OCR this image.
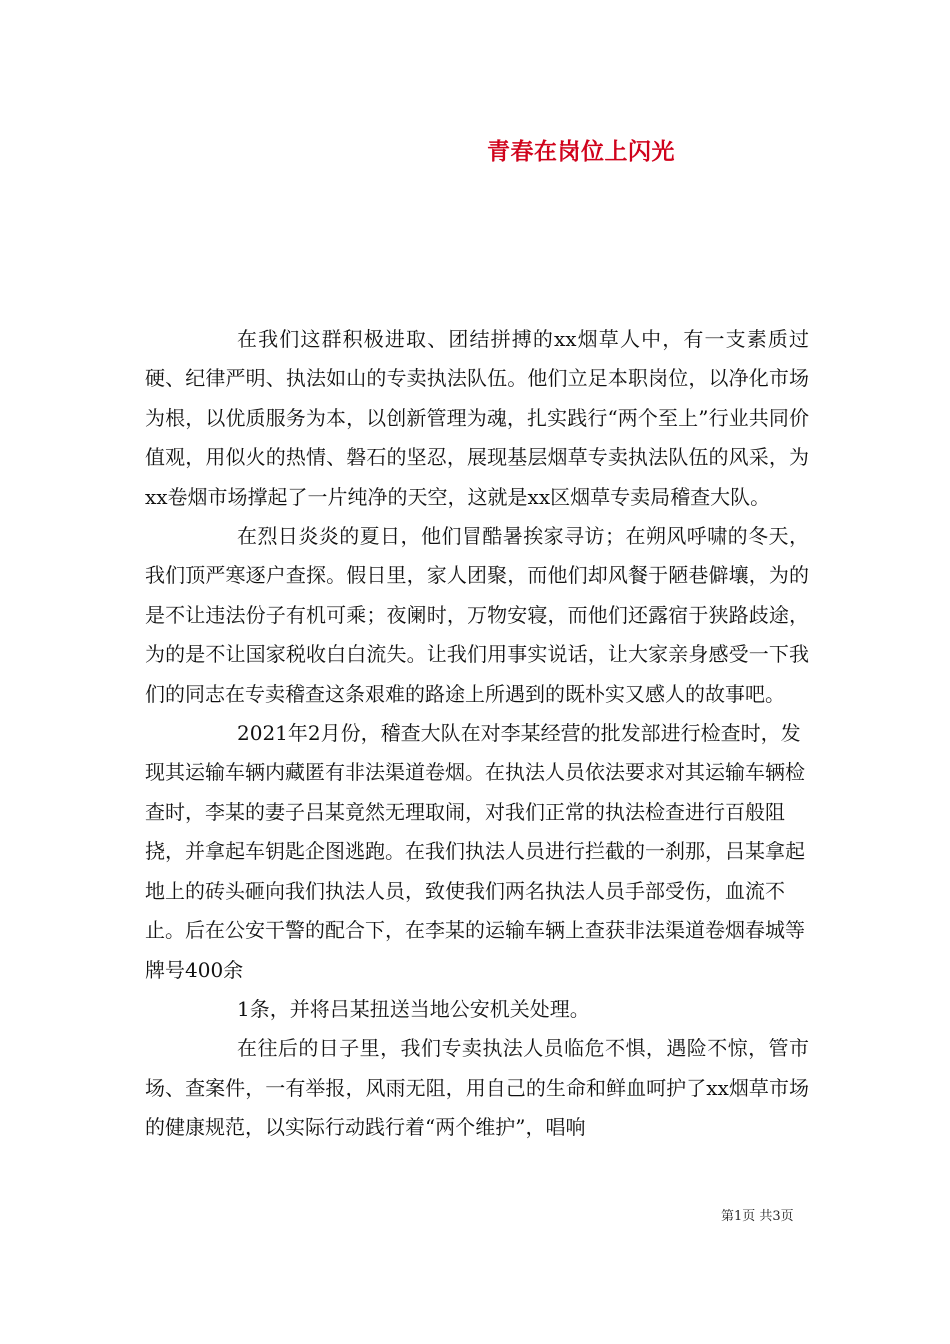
青春在岗位上闪光

在我们这群积极进取、团结拼搏的xx烟草人中，有一支素质过硬、纪律严明、执法如山的专卖执法队伍。他们立足本职岗位，以净化市场为根，以优质服务为本，以创新管理为魂，扎实践行“两个至上”行业共同价值观，用似火的热情、磐石的坚忍，展现基层烟草专卖执法队伍的风采，为xx卷烟市场撑起了一片纯净的天空，这就是xx区烟草专卖局稽查大队。

在烈日炎炎的夏日，他们冒酷暑挨家寻访；在朔风呼啸的冬天，我们顶严寒逐户查探。假日里，家人团聚，而他们却风餐于陋巷僻壤，为的是不让违法份子有机可乘；夜阑时，万物安寝，而他们还露宿于狭路歧途，为的是不让国家税收白白流失。让我们用事实说话，让大家亲身感受一下我们的同志在专卖稽查这条艰难的路途上所遇到的既朴实又感人的故事吧。

2021年2月份，稽查大队在对李某经营的批发部进行检查时，发现其运输车辆内藏匿有非法渠道卷烟。在执法人员依法要求对其运输车辆检查时，李某的妻子吕某竟然无理取闹，对我们正常的执法检查进行百般阻挠，并拿起车钥匙企图逃跑。在我们执法人员进行拦截的一刹那，吕某拿起地上的砖头砸向我们执法人员，致使我们两名执法人员手部受伤，血流不止。后在公安干警的配合下，在李某的运输车辆上查获非法渠道卷烟春城等牌号400余

1条，并将吕某扭送当地公安机关处理。

在往后的日子里，我们专卖执法人员临危不惧，遇险不惊，管市场、查案件，一有举报，风雨无阻，用自己的生命和鲜血呵护了xx烟草市场的健康规范，以实际行动践行着“两个维护”，唱响

第1页 共3页
